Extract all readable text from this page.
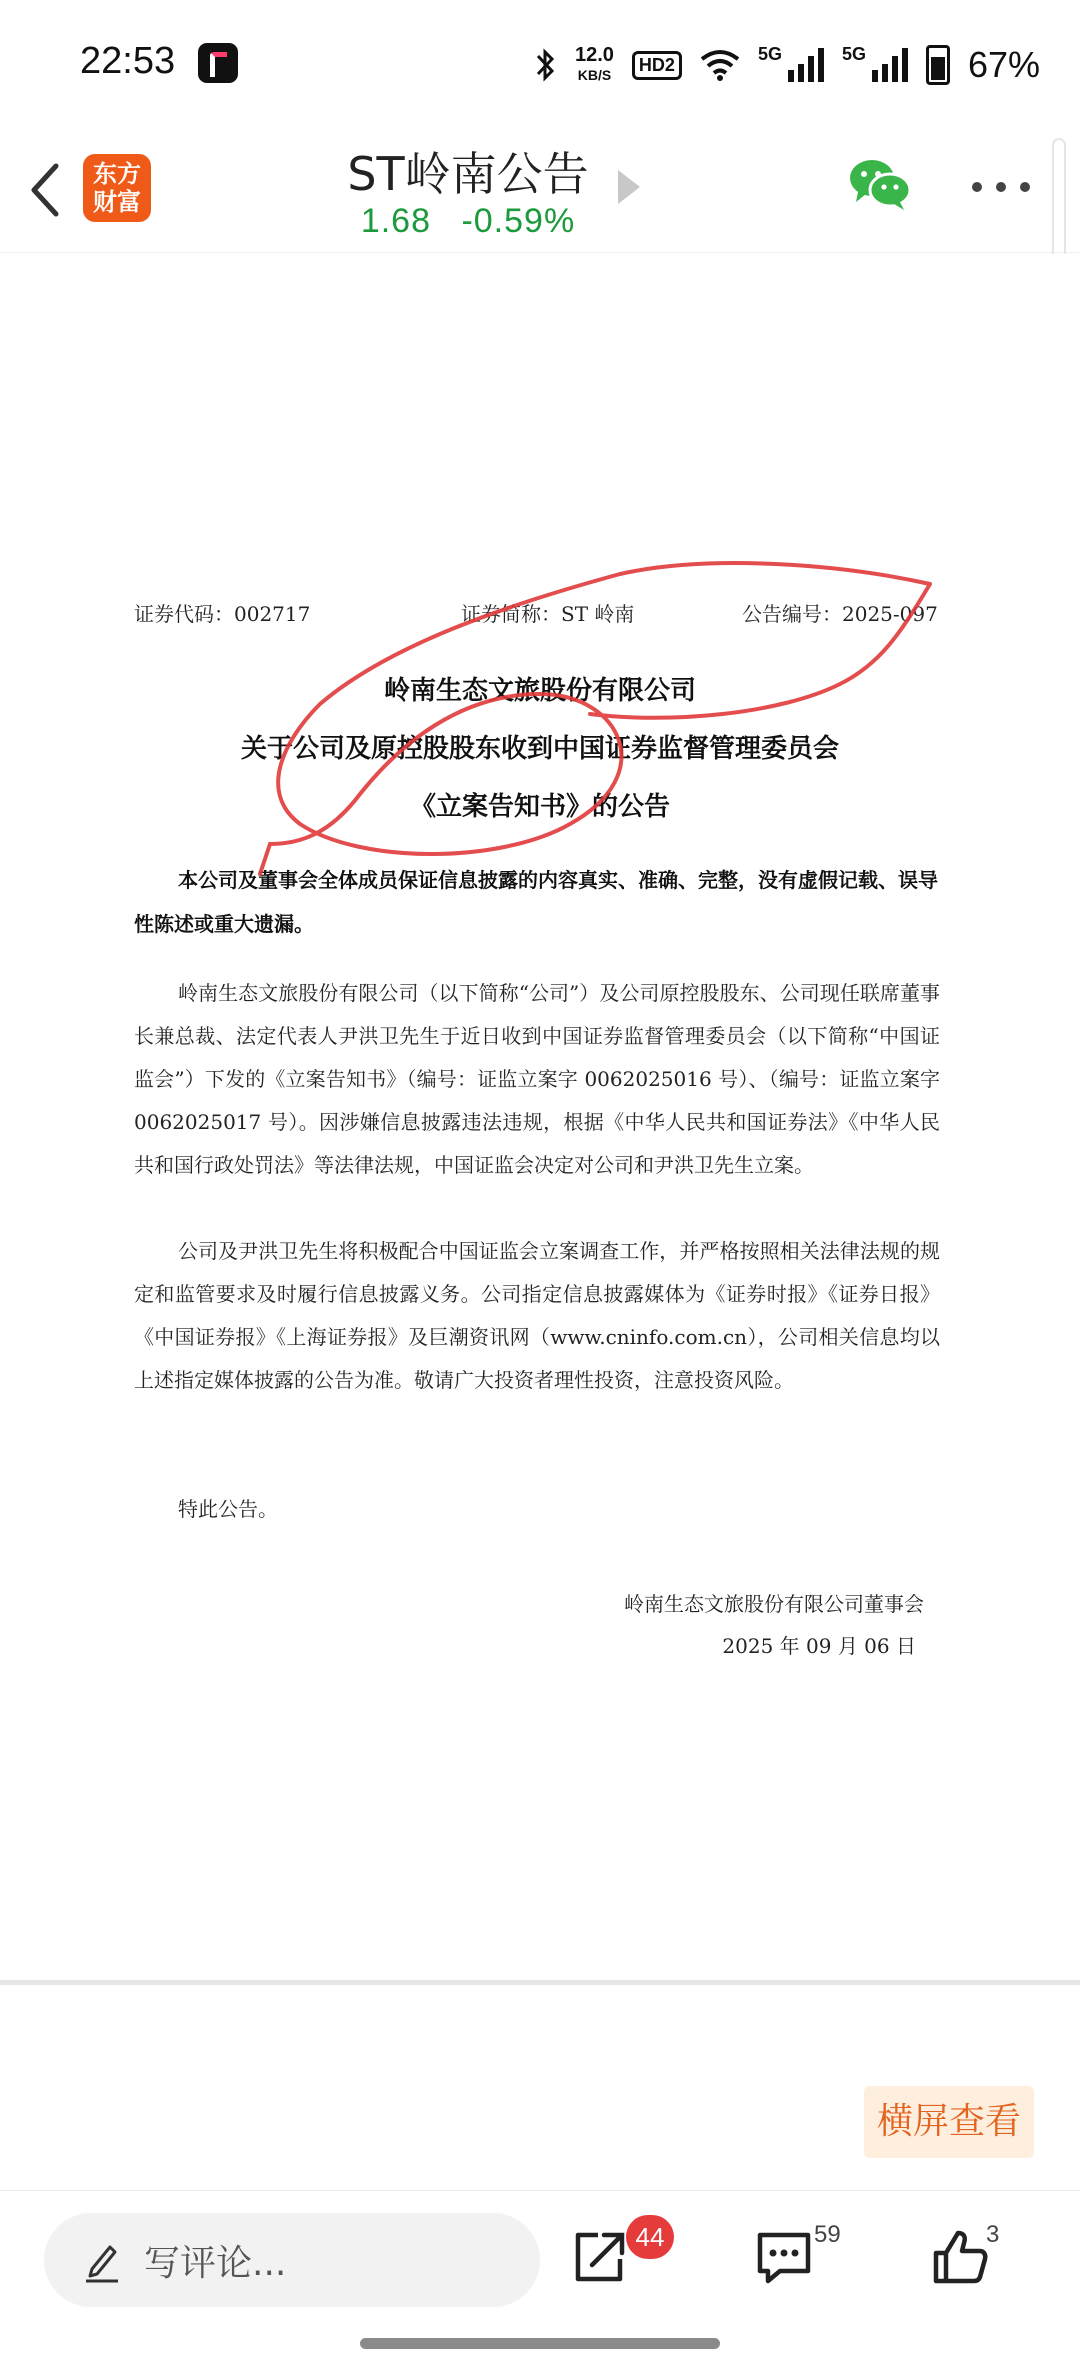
22:53	12.0
KB/S
HD2
5G	5G	67%
东方
财富
ST岭南公告
1.68 -0.59%
证券代码：002717	证券简称：ST 岭南	公告编号：2025-097
岭南生态文旅股份有限公司
关于公司及原控股股东收到中国证券监督管理委员会
《立案告知书》的公告
本公司及董事会全体成员保证信息披露的内容真实、准确、完整，没有虚假记载、误导性陈述或重大遗漏。
岭南生态文旅股份有限公司（以下简称“公司”）及公司原控股股东、公司现任联席董事长兼总裁、法定代表人尹洪卫先生于近日收到中国证券监督管理委员会（以下简称“中国证监会”）下发的《立案告知书》（编号：证监立案字 0062025016 号）、（编号：证监立案字 0062025017 号）。因涉嫌信息披露违法违规，根据《中华人民共和国证券法》《中华人民共和国行政处罚法》等法律法规，中国证监会决定对公司和尹洪卫先生立案。
公司及尹洪卫先生将积极配合中国证监会立案调查工作，并严格按照相关法律法规的规定和监管要求及时履行信息披露义务。公司指定信息披露媒体为《证券时报》《证券日报》《中国证券报》《上海证券报》及巨潮资讯网（www.cninfo.com.cn），公司相关信息均以上述指定媒体披露的公告为准。敬请广大投资者理性投资，注意投资风险。
特此公告。
岭南生态文旅股份有限公司董事会
2025 年 09 月 06 日
横屏查看
写评论...
44	59	3
